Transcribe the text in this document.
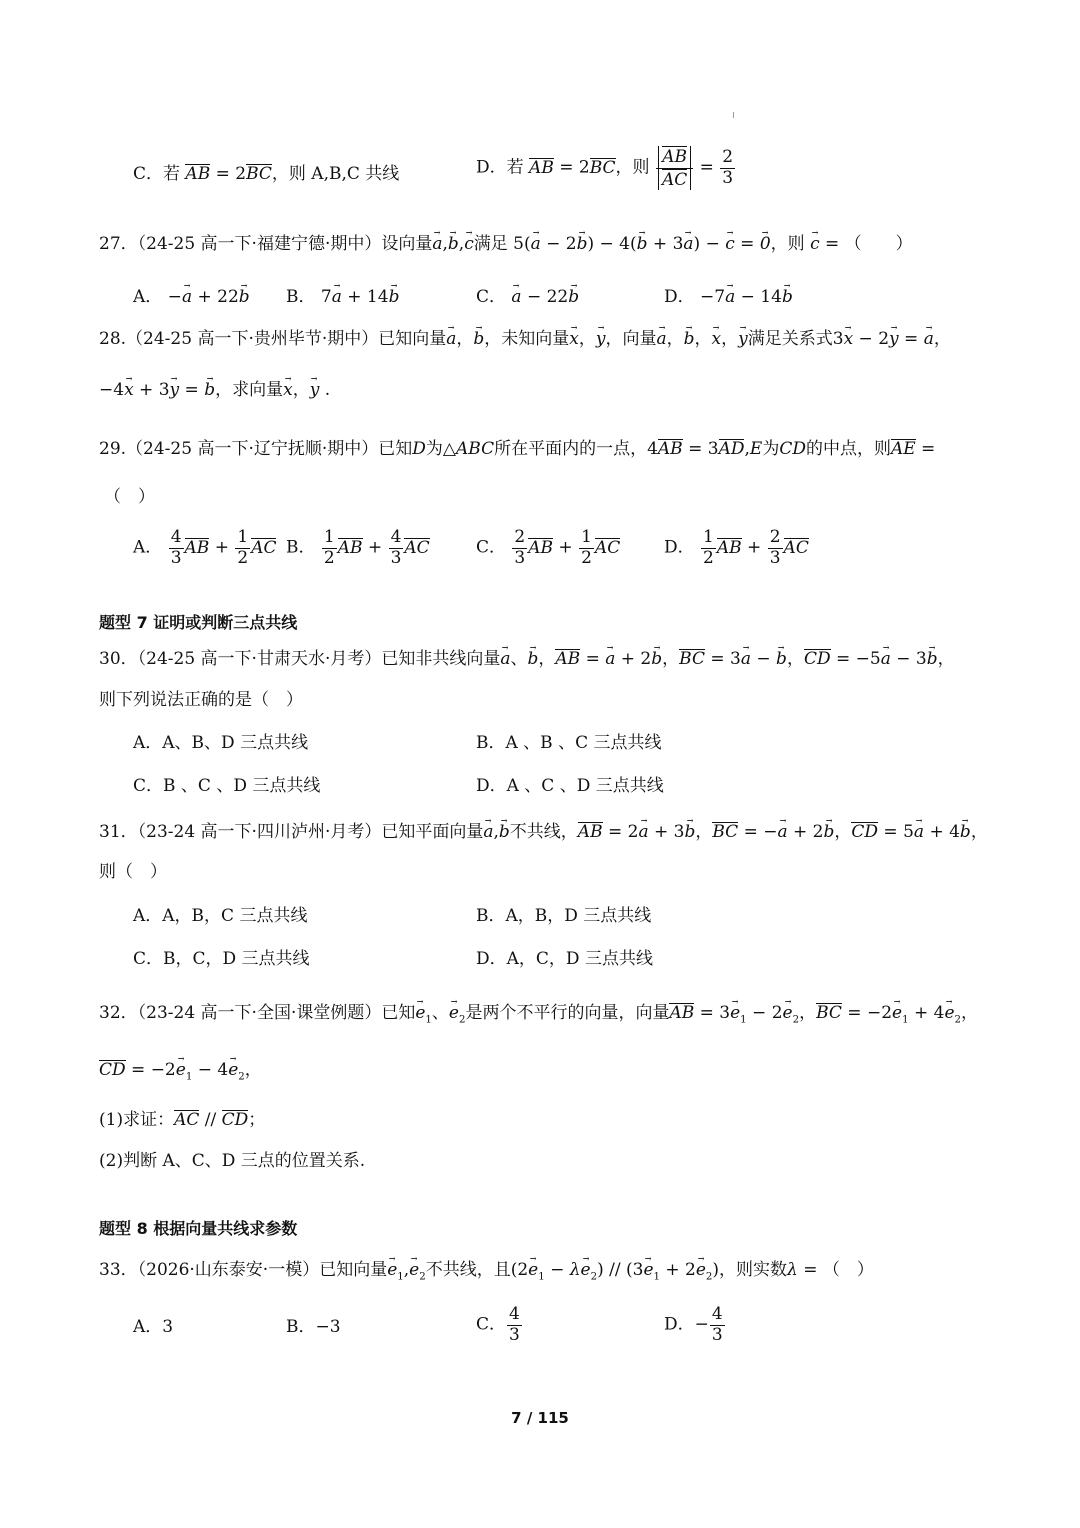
C．若 AB = 2BC，则 A,B,C 共线	D．若 AB = 2BC，则 $\frac{AB}{AC} = \frac{2}{3}$
27．（24-25 高一下·福建宁德·期中）设向量→ a,→ b,→ c满足 5(→ a − 2→ b) − 4(→ b + 3→ a) − → c = → 0，则 → c = （　　）
A． −→ a + 22→ b B． 7→ a + 14→ b	C． → a − 22→ b	D． −7→ a − 14→ b
28.（24-25 高一下·贵州毕节·期中）已知向量→ a，→ b，未知向量→ x，→ y，向量→ a，→ b，→ x，→ y满足关系式3→ x − 2→ y = → a，
−4→ x + 3→ y = → b，求向量→ x，→ y .
29.（24-25 高一下·辽宁抚顺·期中）已知D为△ABC所在平面内的一点，4AB = 3AD,E为CD的中点，则AE =
（　）
A． $\frac{4}{3}$ AB + $\frac{1}{2}$ AC B． $\frac{1}{2}$ AB + $\frac{4}{3}$ AC	C． $\frac{2}{3}$ AB + $\frac{1}{2}$ AC	D． $\frac{1}{2}$ AB + $\frac{2}{3}$ AC
题型 7 证明或判断三点共线
30．（24-25 高一下·甘肃天水·月考）已知非共线向量→ a、→ b，AB = → a + 2→ b，BC = 3→ a − → b，CD = −5→ a − 3→ b，
则下列说法正确的是（　）
A．A、B、D 三点共线	B．A 、B 、C 三点共线
C．B 、C 、D 三点共线	D．A 、C 、D 三点共线
31．（23-24 高一下·四川泸州·月考）已知平面向量→ a,→ b不共线，AB = 2→ a + 3→ b，BC = −→ a + 2→ b，CD = 5→ a + 4→ b，
则（　）
A．A，B，C 三点共线	B．A，B，D 三点共线
C．B，C，D 三点共线	D．A，C，D 三点共线
32．（23-24 高一下·全国·课堂例题）已知→ $e_1$、→ $e_2$是两个不平行的向量，向量AB = $3\to e_1 - 2\to e_2$，BC = $-2\to e_1 + 4\to e_2$，
CD = $-2\to e_1 - 4\to e_2$，
(1)求证：AC // CD；
(2)判断 A、C、D 三点的位置关系.
题型 8 根据向量共线求参数
33．（2026·山东泰安·一模）已知向量→ $e_1,\to e_2$不共线，且$(2\to e_1 - \lambda\to e_2) // (3\to e_1 + 2\to e_2)$，则实数λ = （　）
A．3	B．−3	C． $\frac{4}{3}$	D．− $\frac{4}{3}$
7 / 115
